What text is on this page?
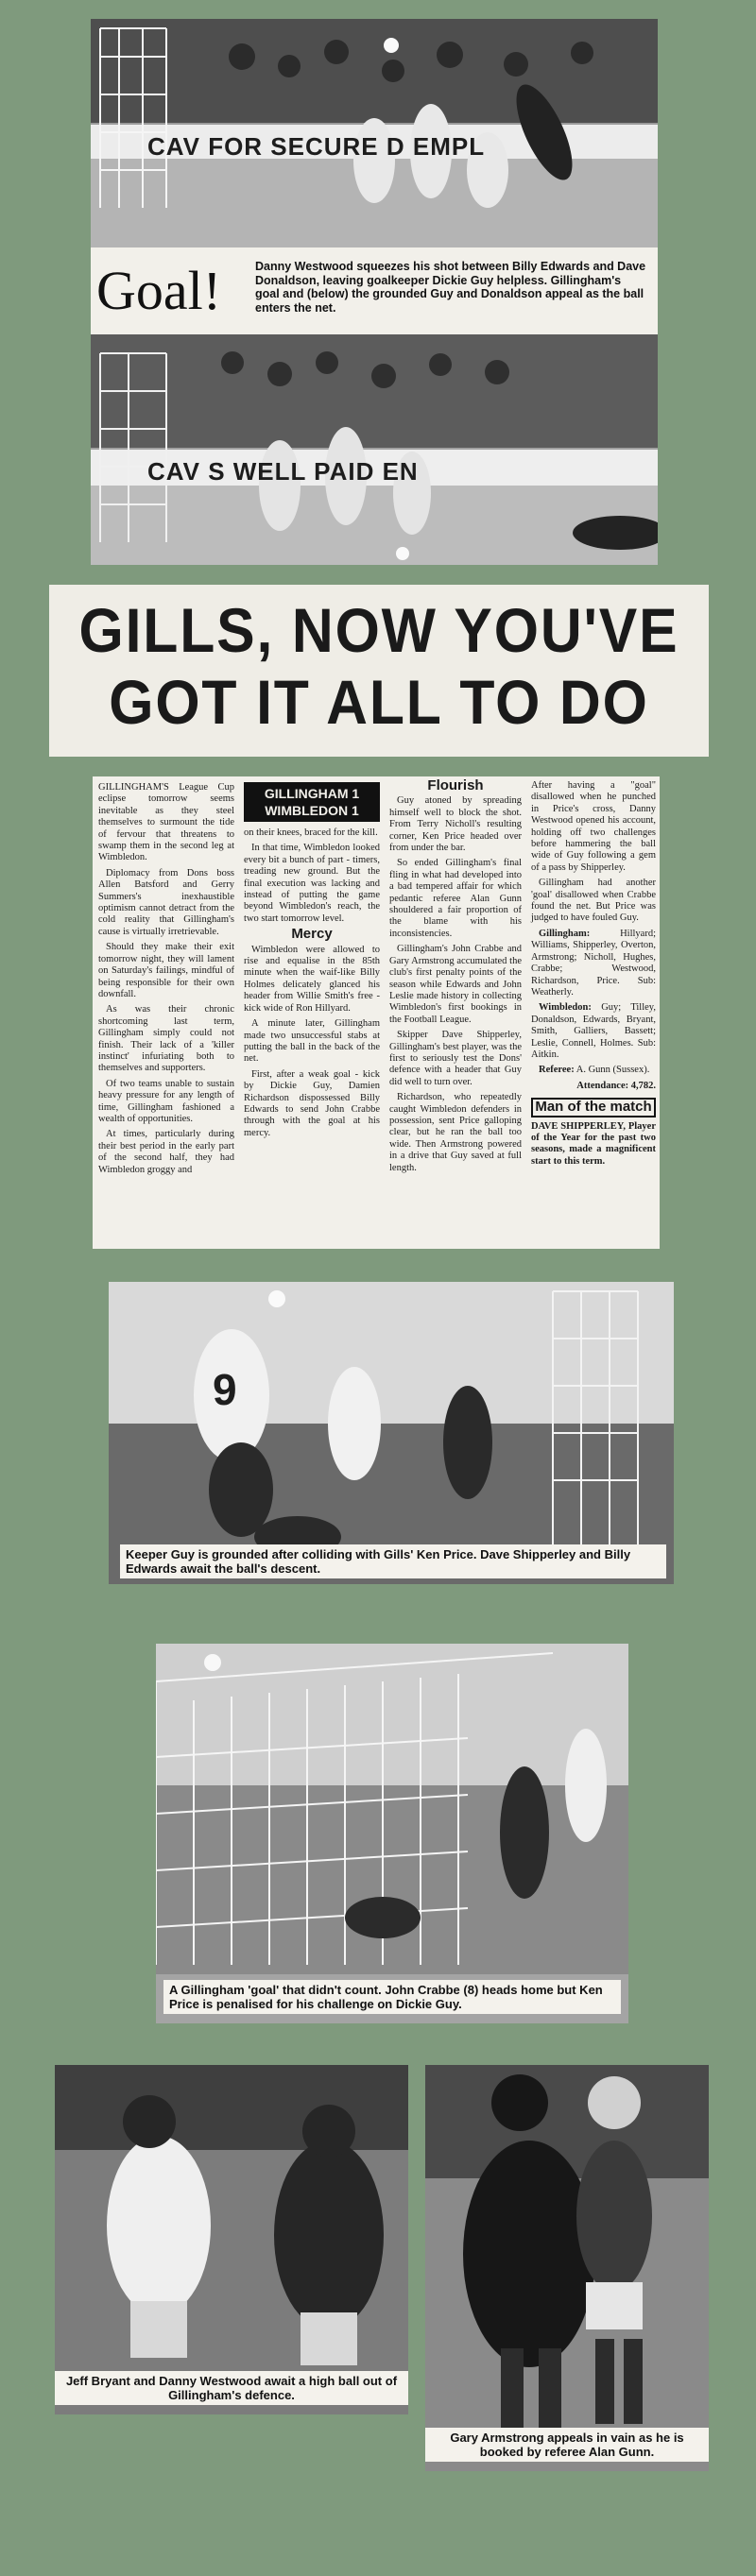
CAV FOR SECURE D EMPL
Goal!	Danny Westwood squeezes his shot between Billy Edwards and Dave Donaldson, leaving goalkeeper Dickie Guy helpless. Gillingham's goal and (below) the grounded Guy and Donaldson appeal as the ball enters the net.
CAV S WELL PAID EN
GILLS, NOW YOU'VE
GOT IT ALL TO DO

GILLINGHAM'S League Cup eclipse tomorrow seems inevitable as they steel themselves to surmount the tide of fervour that threatens to swamp them in the second leg at Wimbledon.

Diplomacy from Dons boss Allen Batsford and Gerry Summers's inexhaustible optimism cannot detract from the cold reality that Gillingham's cause is virtually irretrievable.

Should they make their exit tomorrow night, they will lament on Saturday's failings, mindful of being responsible for their own downfall.

As was their chronic shortcoming last term, Gillingham simply could not finish. Their lack of a 'killer instinct' infuriating both to themselves and supporters.

Of two teams unable to sustain heavy pressure for any length of time, Gillingham fashioned a wealth of opportunities.

At times, particularly during their best period in the early part of the second half, they had Wimbledon groggy and

GILLINGHAM 1
WIMBLEDON 1

on their knees, braced for the kill.

In that time, Wimbledon looked every bit a bunch of part - timers, treading new ground. But the final execution was lacking and instead of putting the game beyond Wimbledon's reach, the two start tomorrow level.

Mercy

Wimbledon were allowed to rise and equalise in the 85th minute when the waif-like Billy Holmes delicately glanced his header from Willie Smith's free - kick wide of Ron Hillyard.

A minute later, Gillingham made two unsuccessful stabs at putting the ball in the back of the net.

First, after a weak goal - kick by Dickie Guy, Damien Richardson dispossessed Billy Edwards to send John Crabbe through with the goal at his mercy.

Flourish

Guy atoned by spreading himself well to block the shot. From Terry Nicholl's resulting corner, Ken Price headed over from under the bar.

So ended Gillingham's final fling in what had developed into a bad tempered affair for which pedantic referee Alan Gunn shouldered a fair proportion of the blame with his inconsistencies.

Gillingham's John Crabbe and Gary Armstrong accumulated the club's first penalty points of the season while Edwards and John Leslie made history in collecting Wimbledon's first bookings in the Football League.

Skipper Dave Shipperley, Gillingham's best player, was the first to seriously test the Dons' defence with a header that Guy did well to turn over.

Richardson, who repeatedly caught Wimbledon defenders in possession, sent Price galloping clear, but he ran the ball too wide. Then Armstrong powered in a drive that Guy saved at full length.

After having a "goal" disallowed when he punched in Price's cross, Danny Westwood opened his account, holding off two challenges before hammering the ball wide of Guy following a gem of a pass by Shipperley.

Gillingham had another 'goal' disallowed when Crabbe found the net. But Price was judged to have fouled Guy.

Gillingham:	Hillyard; Williams, Shipperley, Overton, Armstrong; Nicholl, Hughes, Crabbe; Westwood, Richardson, Price. Sub: Weatherly.

Wimbledon: Guy; Tilley, Donaldson, Edwards, Bryant, Smith, Galliers, Bassett; Leslie, Connell, Holmes. Sub: Aitkin.

Referee: A. Gunn (Sussex).

Attendance: 4,782.

Man of the match

DAVE SHIPPERLEY, Player of the Year for the past two seasons, made a magnificent start to this term.

9
Keeper Guy is grounded after colliding with Gills' Ken Price. Dave Shipperley and Billy Edwards await the ball's descent.
A Gillingham 'goal' that didn't count. John Crabbe (8) heads home but Ken Price is penalised for his challenge on Dickie Guy.
Jeff Bryant and Danny Westwood await a high ball out of Gillingham's defence.
Gary Armstrong appeals in vain as he is booked by referee Alan Gunn.
